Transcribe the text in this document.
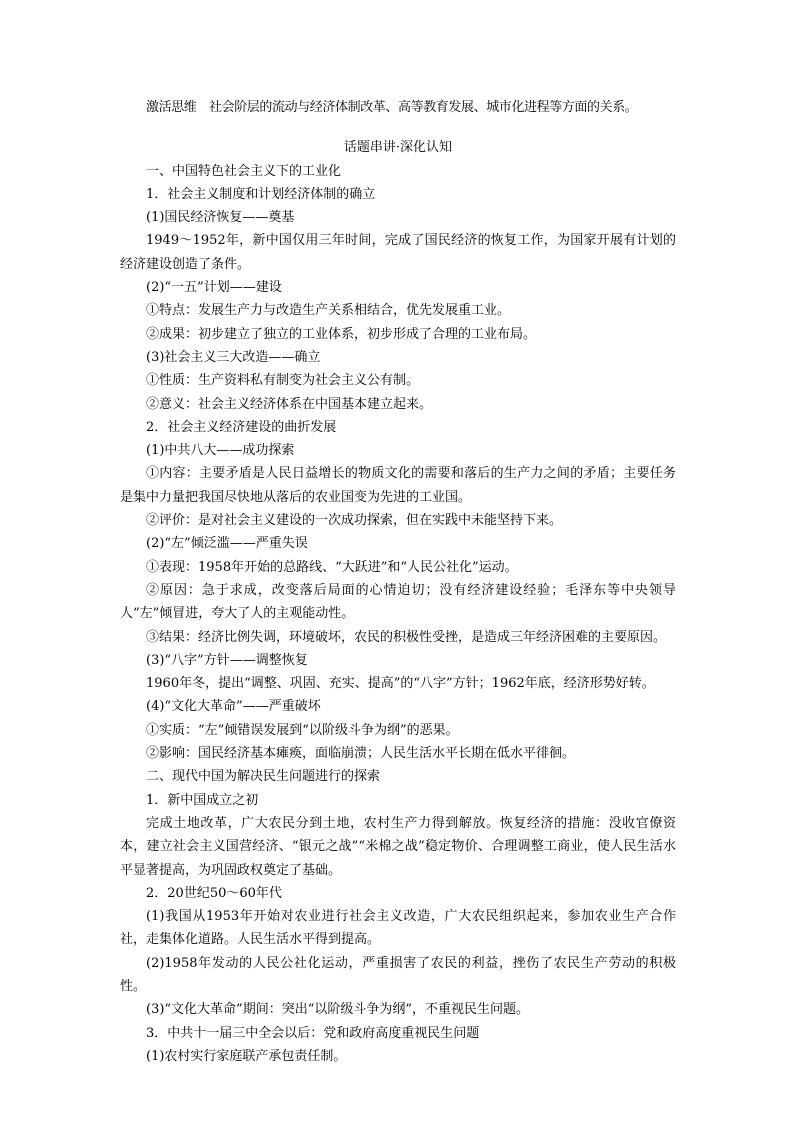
激活思维　社会阶层的流动与经济体制改革、高等教育发展、城市化进程等方面的关系。
话题串讲·深化认知
一、中国特色社会主义下的工业化
1．社会主义制度和计划经济体制的确立
(1)国民经济恢复——奠基

1949～1952年，新中国仅用三年时间，完成了国民经济的恢复工作，为国家开展有计划的经济建设创造了条件。

(2)“一五”计划——建设
①特点：发展生产力与改造生产关系相结合，优先发展重工业。
②成果：初步建立了独立的工业体系，初步形成了合理的工业布局。
(3)社会主义三大改造——确立
①性质：生产资料私有制变为社会主义公有制。
②意义：社会主义经济体系在中国基本建立起来。
2．社会主义经济建设的曲折发展
(1)中共八大——成功探索

①内容：主要矛盾是人民日益增长的物质文化的需要和落后的生产力之间的矛盾；主要任务是集中力量把我国尽快地从落后的农业国变为先进的工业国。

②评价：是对社会主义建设的一次成功探索，但在实践中未能坚持下来。
(2)“左”倾泛滥——严重失误
①表现：1958年开始的总路线、“大跃进”和“人民公社化”运动。

②原因：急于求成，改变落后局面的心情迫切；没有经济建设经验；毛泽东等中央领导人“左”倾冒进，夸大了人的主观能动性。

③结果：经济比例失调，环境破坏，农民的积极性受挫，是造成三年经济困难的主要原因。

(3)“八字”方针——调整恢复

1960年冬，提出“调整、巩固、充实、提高”的“八字”方针；1962年底，经济形势好转。

(4)“文化大革命”——严重破坏
①实质：“左”倾错误发展到“以阶级斗争为纲”的恶果。
②影响：国民经济基本瘫痪，面临崩溃；人民生活水平长期在低水平徘徊。
二、现代中国为解决民生问题进行的探索
1．新中国成立之初

完成土地改革，广大农民分到土地，农村生产力得到解放。恢复经济的措施：没收官僚资本，建立社会主义国营经济、“银元之战”“米棉之战”稳定物价、合理调整工商业，使人民生活水平显著提高，为巩固政权奠定了基础。

2．20世纪50～60年代

(1)我国从1953年开始对农业进行社会主义改造，广大农民组织起来，参加农业生产合作社，走集体化道路。人民生活水平得到提高。

(2)1958年发动的人民公社化运动，严重损害了农民的利益，挫伤了农民生产劳动的积极性。

(3)“文化大革命”期间：突出“以阶级斗争为纲”，不重视民生问题。
3．中共十一届三中全会以后：党和政府高度重视民生问题
(1)农村实行家庭联产承包责任制。
